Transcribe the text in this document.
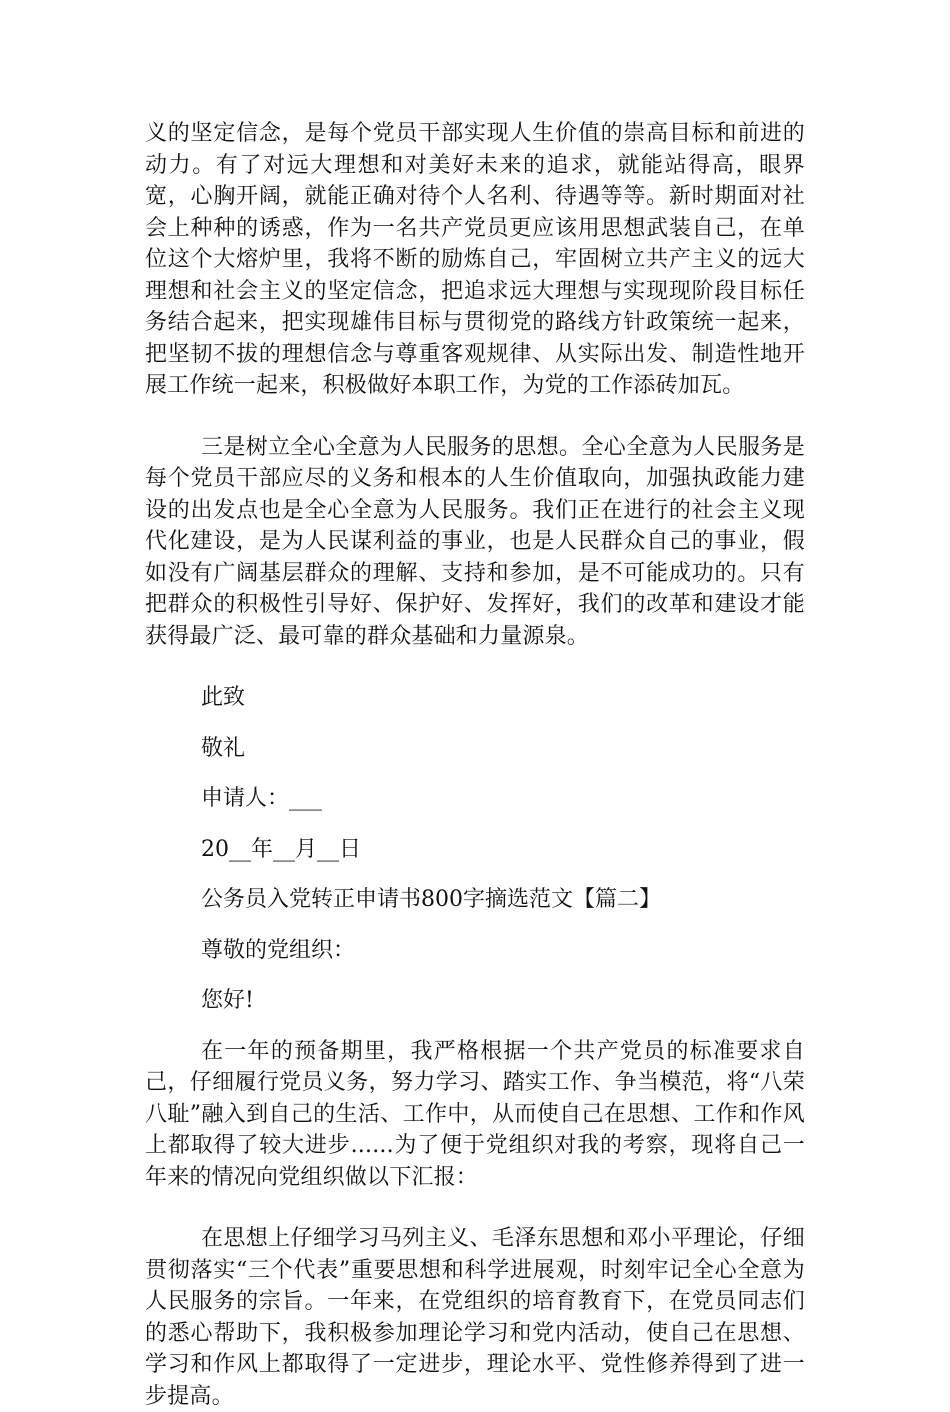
义的坚定信念，是每个党员干部实现人生价值的崇高目标和前进的动力。有了对远大理想和对美好未来的追求，就能站得高，眼界宽，心胸开阔，就能正确对待个人名利、待遇等等。新时期面对社会上种种的诱惑，作为一名共产党员更应该用思想武装自己，在单位这个大熔炉里，我将不断的励炼自己，牢固树立共产主义的远大理想和社会主义的坚定信念，把追求远大理想与实现现阶段目标任务结合起来，把实现雄伟目标与贯彻党的路线方针政策统一起来，把坚韧不拔的理想信念与尊重客观规律、从实际出发、制造性地开展工作统一起来，积极做好本职工作，为党的工作添砖加瓦。

三是树立全心全意为人民服务的思想。全心全意为人民服务是每个党员干部应尽的义务和根本的人生价值取向，加强执政能力建设的出发点也是全心全意为人民服务。我们正在进行的社会主义现代化建设，是为人民谋利益的事业，也是人民群众自己的事业，假如没有广阔基层群众的理解、支持和参加，是不可能成功的。只有把群众的积极性引导好、保护好、发挥好，我们的改革和建设才能获得最广泛、最可靠的群众基础和力量源泉。

此致

敬礼

申请人：___

20__年__月__日

公务员入党转正申请书800字摘选范文【篇二】

尊敬的党组织：

您好!

在一年的预备期里，我严格根据一个共产党员的标准要求自己，仔细履行党员义务，努力学习、踏实工作、争当模范，将“八荣八耻”融入到自己的生活、工作中，从而使自己在思想、工作和作风上都取得了较大进步......为了便于党组织对我的考察，现将自己一年来的情况向党组织做以下汇报：

在思想上仔细学习马列主义、毛泽东思想和邓小平理论，仔细贯彻落实“三个代表”重要思想和科学进展观，时刻牢记全心全意为人民服务的宗旨。一年来，在党组织的培育教育下，在党员同志们的悉心帮助下，我积极参加理论学习和党内活动，使自己在思想、学习和作风上都取得了一定进步，理论水平、党性修养得到了进一步提高。
